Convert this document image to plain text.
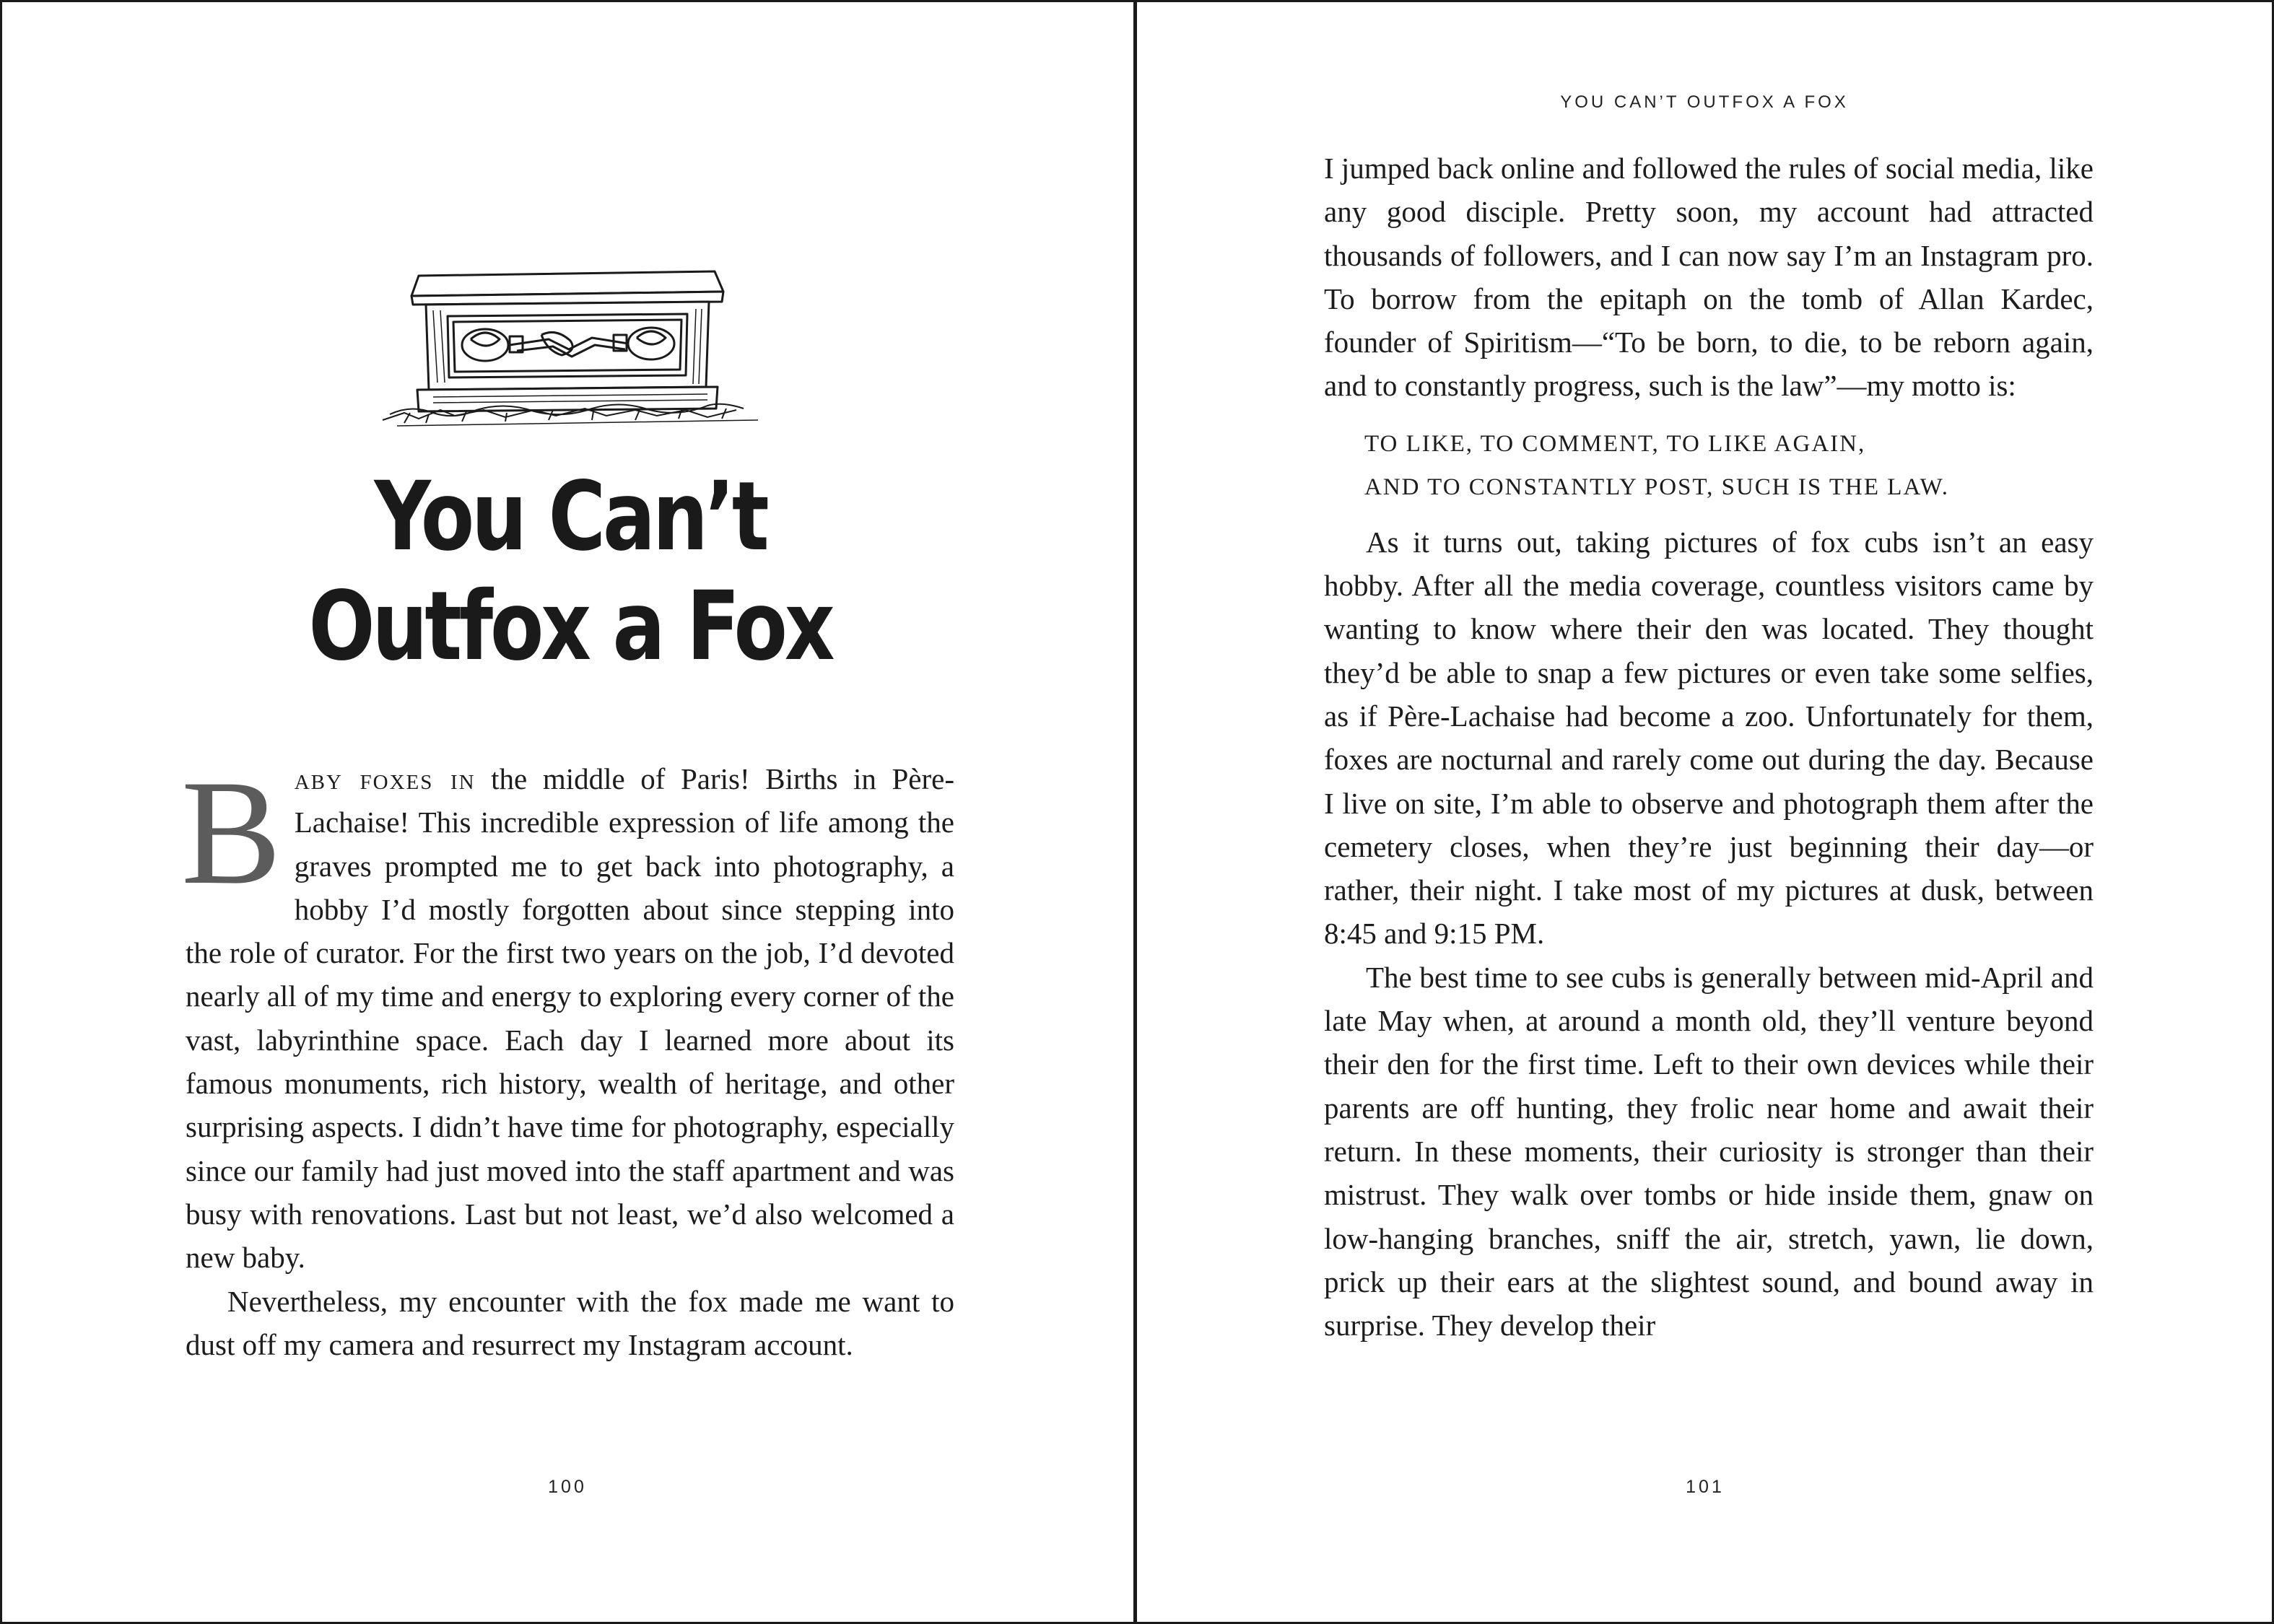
You Can’t
Outfox a Fox

Baby foxes in the middle of Paris! Births in Père-Lachaise! This incredible expression of life among the graves prompted me to get back into photography, a hobby I’d mostly forgotten about since stepping into the role of curator. For the first two years on the job, I’d devoted nearly all of my time and energy to exploring every corner of the vast, labyrinthine space. Each day I learned more about its famous monuments, rich history, wealth of heritage, and other surprising aspects. I didn’t have time for photography, especially since our family had just moved into the staff apartment and was busy with renovations. Last but not least, we’d also welcomed a new baby.

Nevertheless, my encounter with the fox made me want to dust off my camera and resurrect my Instagram account.

100
YOU CAN’T OUTFOX A FOX

I jumped back online and followed the rules of social media, like any good disciple. Pretty soon, my account had attracted thousands of followers, and I can now say I’m an Instagram pro. To borrow from the epitaph on the tomb of Allan Kardec, founder of Spiritism—“To be born, to die, to be reborn again, and to constantly progress, such is the law”—my motto is:

TO LIKE, TO COMMENT, TO LIKE AGAIN,
AND TO CONSTANTLY POST, SUCH IS THE LAW.

As it turns out, taking pictures of fox cubs isn’t an easy hobby. After all the media coverage, countless visitors came by wanting to know where their den was located. They thought they’d be able to snap a few pictures or even take some selfies, as if Père-Lachaise had become a zoo. Unfortunately for them, foxes are nocturnal and rarely come out during the day. Because I live on site, I’m able to observe and photograph them after the cemetery closes, when they’re just beginning their day—or rather, their night. I take most of my pictures at dusk, between 8:45 and 9:15 PM.

The best time to see cubs is generally between mid-April and late May when, at around a month old, they’ll venture beyond their den for the first time. Left to their own devices while their parents are off hunting, they frolic near home and await their return. In these moments, their curiosity is stronger than their mistrust. They walk over tombs or hide inside them, gnaw on low-hanging branches, sniff the air, stretch, yawn, lie down, prick up their ears at the slightest sound, and bound away in surprise. They develop their

101
